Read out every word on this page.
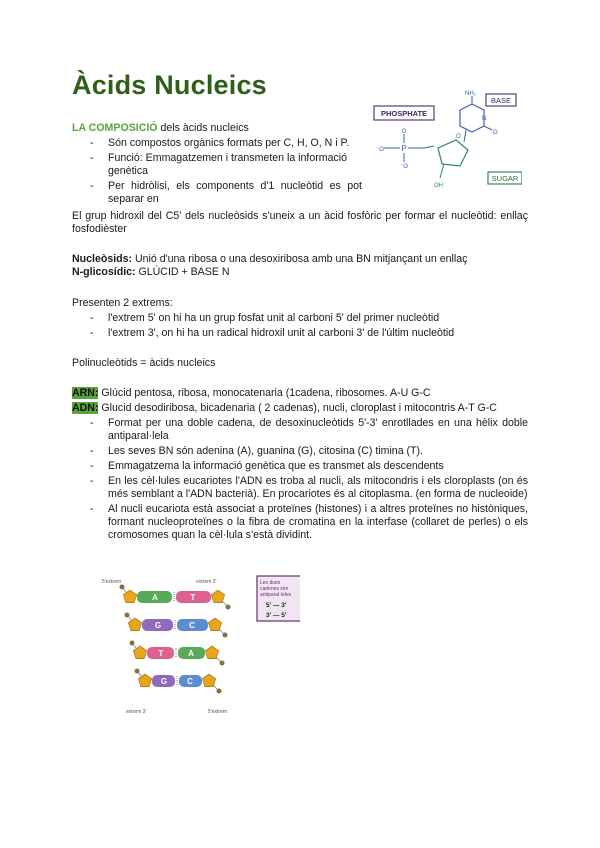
Àcids Nucleics
LA COMPOSICIÓ dels àcids nucleics
- Són compostos orgànics formats per C, H, O, N i P.
- Funció: Emmagatzemen i transmeten la informació genètica
- Per hidròlisi, els components d'1 nucleòtid es pot separar en
PHOSPHATE
BASE
SUGAR
P
⁻O
O
⁻O
O
OH
NH₂
O
N
El grup hidroxil del C5' dels nucleòsids s'uneix a un àcid fosfòric per formar el nucleòtid: enllaç fosfodièster
Nucleòsids: Unió d'una ribosa o una desoxiribosa amb una BN mitjançant un enllaç
N-glicosídic: GLÚCID + BASE N
Presenten 2 extrems:
- l'extrem 5' on hi ha un grup fosfat unit al carboni 5' del primer nucleòtid
- l'extrem 3', on hi ha un radical hidroxil unit al carboni 3' de l'últim nucleòtid
Polinucleòtids = àcids nucleics
ARN: Glúcid pentosa, ribosa, monocatenaria (1cadena, ribosomes. A-U G-C
ADN: Glucid desodiribosa, bicadenaria ( 2 cadenas), nucli, cloroplast i mitocontris A-T G-C
- Format per una doble cadena, de desoxinucleòtids 5'-3' enrotllades en una hèlix doble antiparal·lela
- Les seves BN són adenina (A), guanina (G), citosina (C) timina (T).
- Emmagatzema la informació genètica que es transmet als descendents
- En les cèl·lules eucariotes l'ADN es troba al nucli, als mitocondris i els cloroplasts (on és més semblant a l'ADN bacterià). En procariotes és al citoplasma. (en forma de nucleoide)
- Al nucli eucariota està associat a proteïnes (histones) i a altres proteïnes no històniques, formant nucleoproteïnes o la fibra de cromatina en la interfase (collaret de perles) o els cromosomes quan la cèl·lula s'està dividint.
5'extrem	extrem 3'
extrem 3'	5'extrem
A	T
G	C
T	A
G C
Les dues
cadenes són
antiparal·leles
5' — 3'
3' — 5'
